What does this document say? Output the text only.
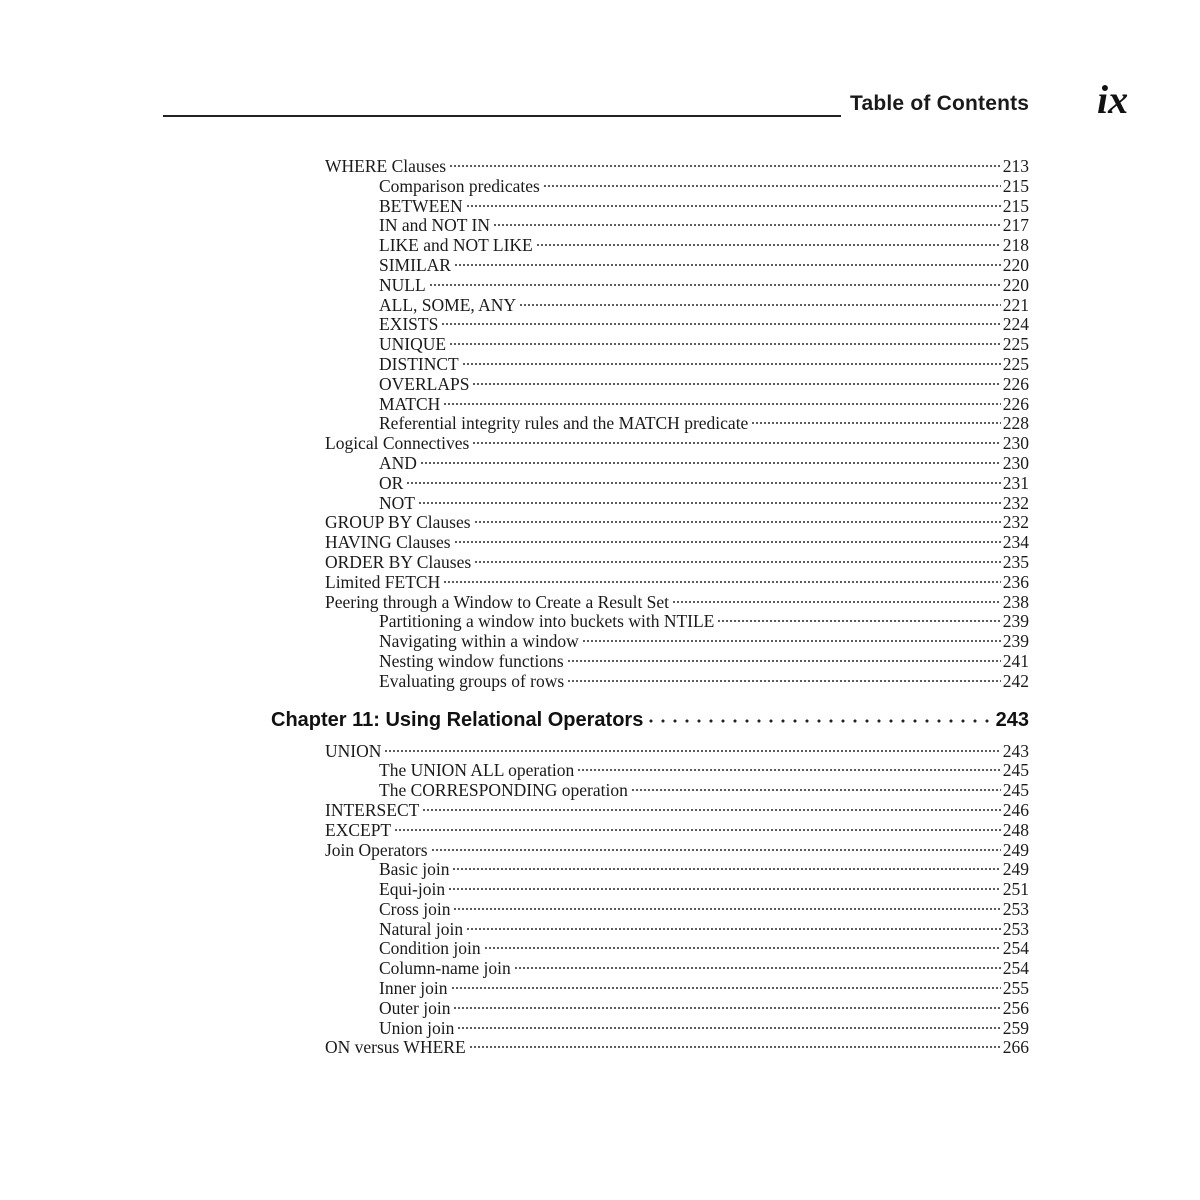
Table of Contents ix
WHERE Clauses	213
Comparison predicates	215
BETWEEN	215
IN and NOT IN	217
LIKE and NOT LIKE	218
SIMILAR	220
NULL	220
ALL, SOME, ANY	221
EXISTS	224
UNIQUE	225
DISTINCT	225
OVERLAPS	226
MATCH	226
Referential integrity rules and the MATCH predicate	228
Logical Connectives	230
AND	230
OR	231
NOT	232
GROUP BY Clauses	232
HAVING Clauses	234
ORDER BY Clauses	235
Limited FETCH	236
Peering through a Window to Create a Result Set	238
Partitioning a window into buckets with NTILE	239
Navigating within a window	239
Nesting window functions	241
Evaluating groups of rows	242
Chapter 11: Using Relational Operators	243
UNION	243
The UNION ALL operation	245
The CORRESPONDING operation	245
INTERSECT	246
EXCEPT	248
Join Operators	249
Basic join	249
Equi-join	251
Cross join	253
Natural join	253
Condition join	254
Column-name join	254
Inner join	255
Outer join	256
Union join	259
ON versus WHERE	266
